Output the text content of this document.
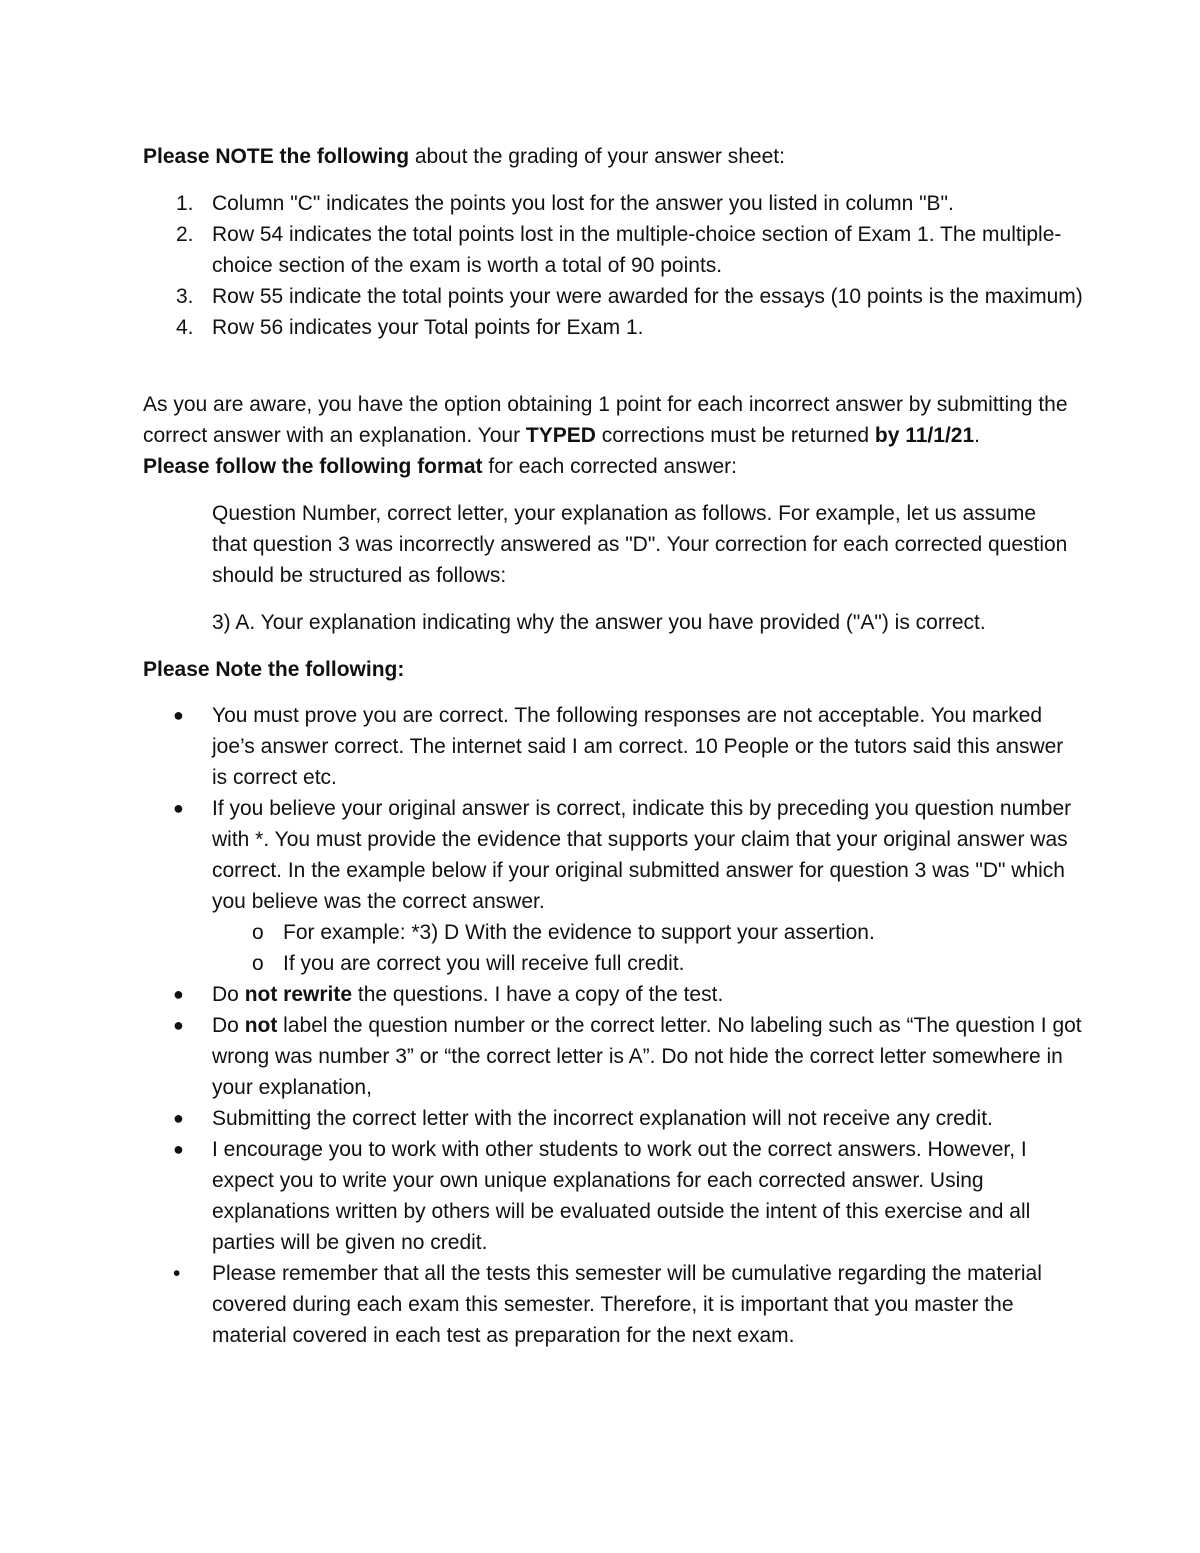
Please NOTE the following about the grading of your answer sheet:

1. Column "C" indicates the points you lost for the answer you listed in column "B".
2. Row 54 indicates the total points lost in the multiple-choice section of Exam 1. The multiple-choice section of the exam is worth a total of 90 points.
3. Row 55 indicate the total points your were awarded for the essays (10 points is the maximum)
4. Row 56 indicates your Total points for Exam 1.

As you are aware, you have the option obtaining 1 point for each incorrect answer by submitting the correct answer with an explanation. Your TYPED corrections must be returned by 11/1/21.
Please follow the following format for each corrected answer:

Question Number, correct letter, your explanation as follows. For example, let us assume that question 3 was incorrectly answered as "D". Your correction for each corrected question should be structured as follows:

3) A. Your explanation indicating why the answer you have provided ("A") is correct.

Please Note the following:

● You must prove you are correct. The following responses are not acceptable. You marked joe’s answer correct. The internet said I am correct. 10 People or the tutors said this answer is correct etc.
● If you believe your original answer is correct, indicate this by preceding you question number with *. You must provide the evidence that supports your claim that your original answer was correct. In the example below if your original submitted answer for question 3 was "D" which you believe was the correct answer.
o For example: *3) D With the evidence to support your assertion.
o If you are correct you will receive full credit.
● Do not rewrite the questions. I have a copy of the test.
● Do not label the question number or the correct letter. No labeling such as “The question I got wrong was number 3” or “the correct letter is A”. Do not hide the correct letter somewhere in your explanation,
● Submitting the correct letter with the incorrect explanation will not receive any credit.
● I encourage you to work with other students to work out the correct answers. However, I expect you to write your own unique explanations for each corrected answer. Using explanations written by others will be evaluated outside the intent of this exercise and all parties will be given no credit.
• Please remember that all the tests this semester will be cumulative regarding the material covered during each exam this semester. Therefore, it is important that you master the material covered in each test as preparation for the next exam.
